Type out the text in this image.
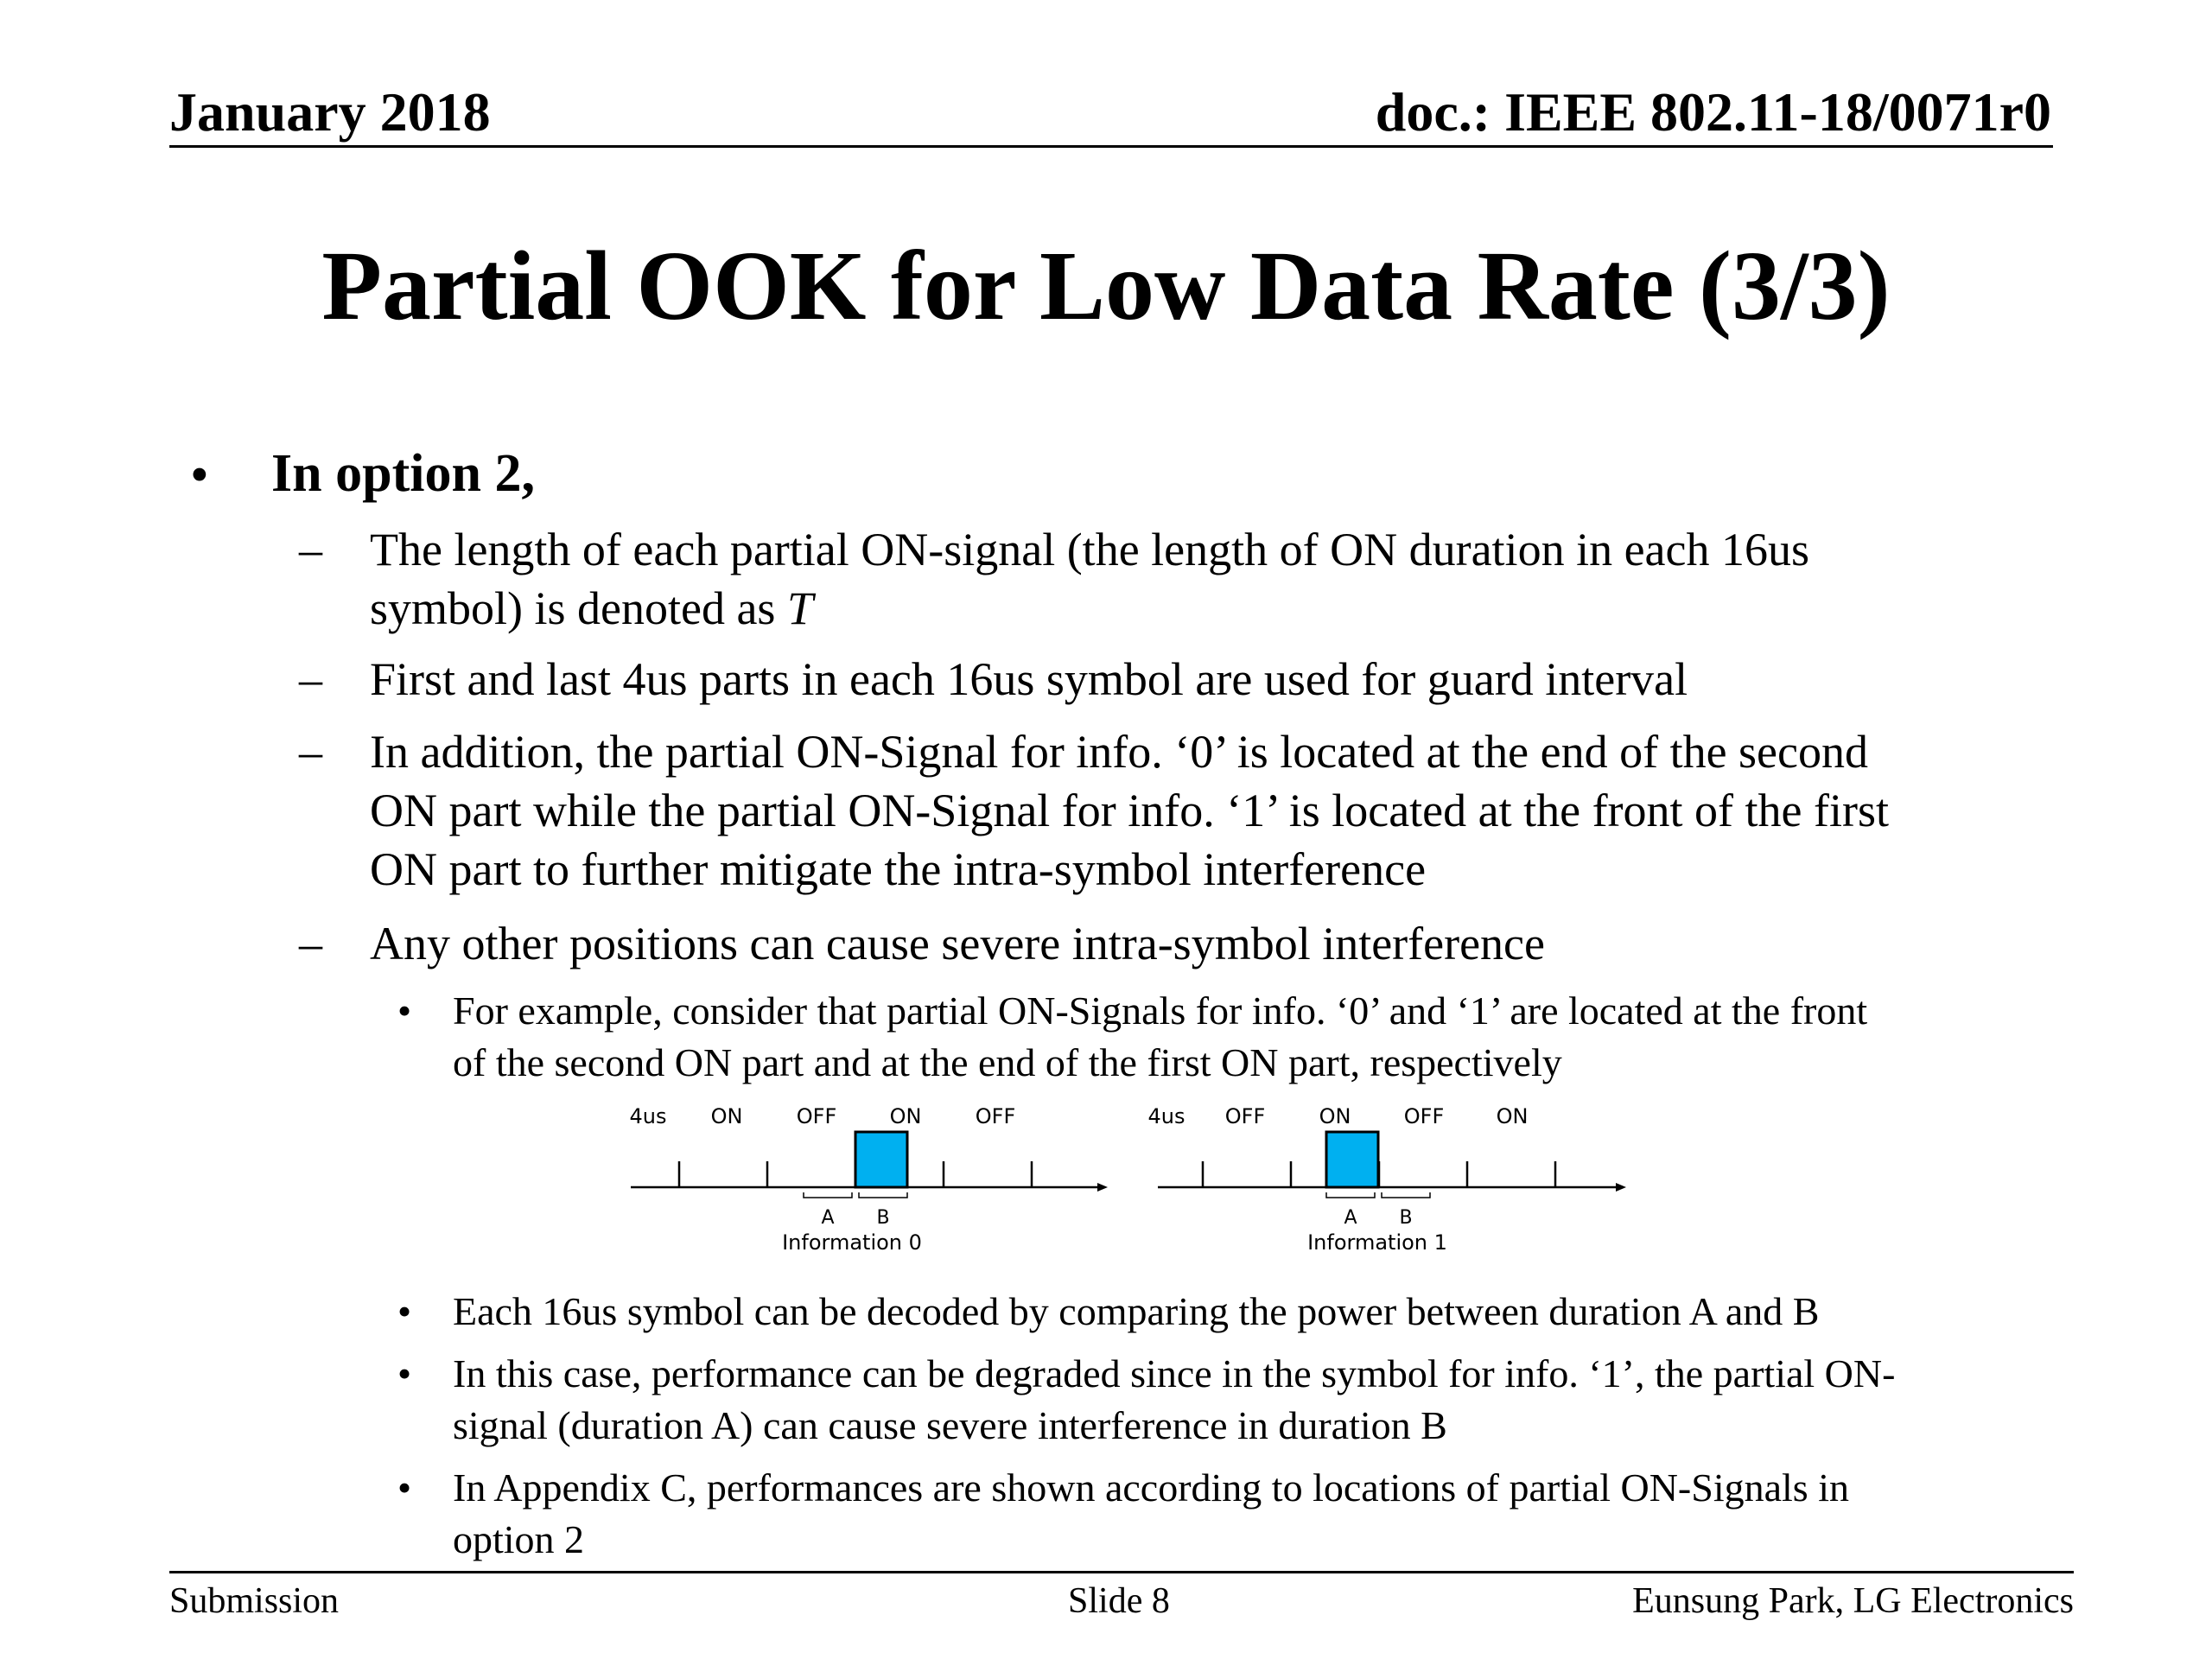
January 2018	doc.: IEEE 802.11-18/0071r0
Partial OOK for Low Data Rate (3/3)
• In option 2,
– The length of each partial ON-signal (the length of ON duration in each 16us
symbol) is denoted as T
– First and last 4us parts in each 16us symbol are used for guard interval
– In addition, the partial ON-Signal for info. ‘0’ is located at the end of the second
ON part while the partial ON-Signal for info. ‘1’ is located at the front of the first
ON part to further mitigate the intra-symbol interference
– Any other positions can cause severe intra-symbol interference
• For example, consider that partial ON-Signals for info. ‘0’ and ‘1’ are located at the front
of the second ON part and at the end of the first ON part, respectively
4us ON	OFF	ON	OFF
A B
Information 0
4us OFF	ON	OFF	ON
A B
Information 1
• Each 16us symbol can be decoded by comparing the power between duration A and B
• In this case, performance can be degraded since in the symbol for info. ‘1’, the partial ON-
signal (duration A) can cause severe interference in duration B
• In Appendix C, performances are shown according to locations of partial ON-Signals in
option 2
Submission	Slide 8	Eunsung Park, LG Electronics
